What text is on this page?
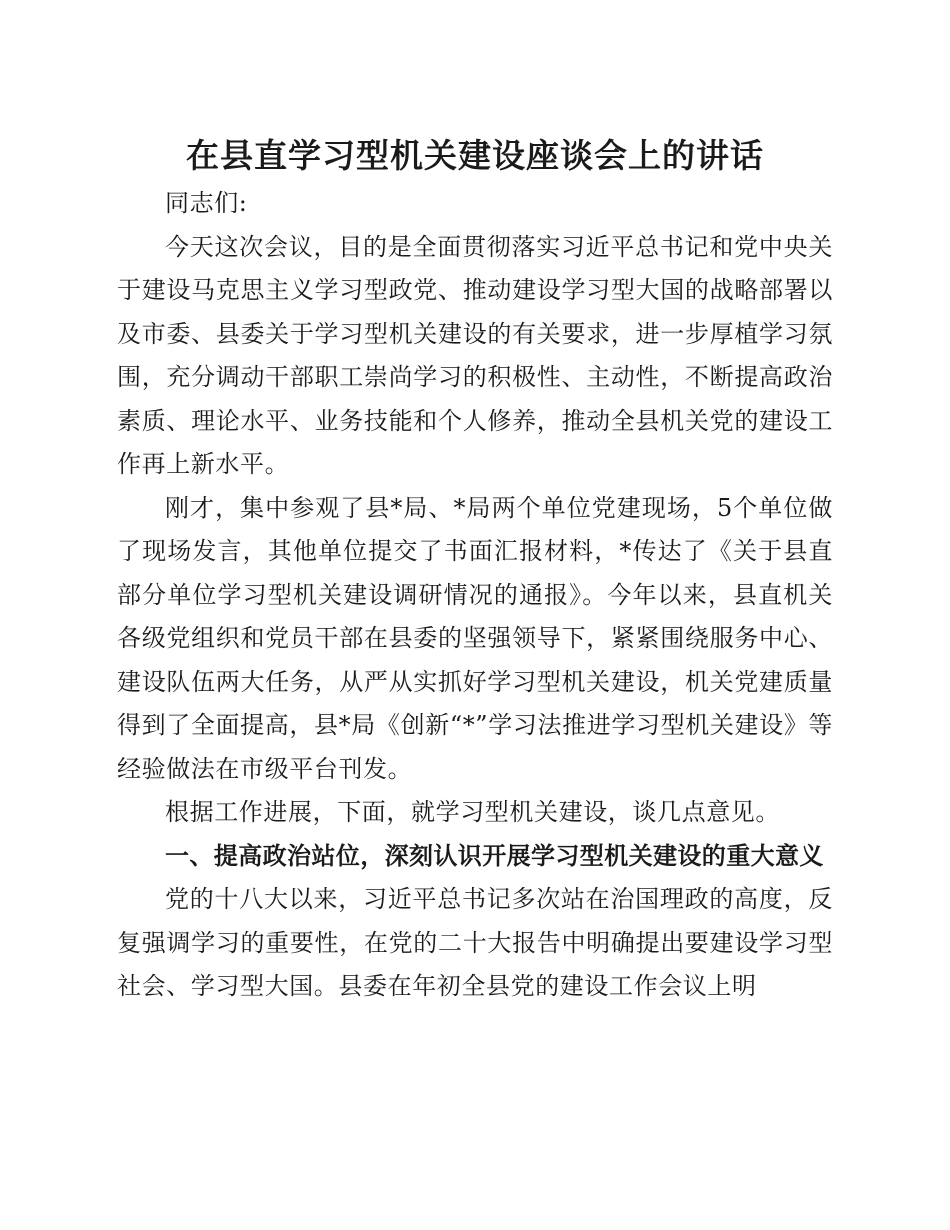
在县直学习型机关建设座谈会上的讲话

同志们:

今天这次会议，目的是全面贯彻落实习近平总书记和党中央关于建设马克思主义学习型政党、推动建设学习型大国的战略部署以及市委、县委关于学习型机关建设的有关要求，进一步厚植学习氛围，充分调动干部职工崇尚学习的积极性、主动性，不断提高政治素质、理论水平、业务技能和个人修养，推动全县机关党的建设工作再上新水平。

刚才，集中参观了县*局、*局两个单位党建现场，5个单位做了现场发言，其他单位提交了书面汇报材料，*传达了《关于县直部分单位学习型机关建设调研情况的通报》。今年以来，县直机关各级党组织和党员干部在县委的坚强领导下，紧紧围绕服务中心、建设队伍两大任务，从严从实抓好学习型机关建设，机关党建质量得到了全面提高，县*局《创新“*”学习法推进学习型机关建设》等经验做法在市级平台刊发。

根据工作进展，下面，就学习型机关建设，谈几点意见。

一、提高政治站位，深刻认识开展学习型机关建设的重大意义

党的十八大以来，习近平总书记多次站在治国理政的高度，反复强调学习的重要性，在党的二十大报告中明确提出要建设学习型社会、学习型大国。县委在年初全县党的建设工作会议上明
